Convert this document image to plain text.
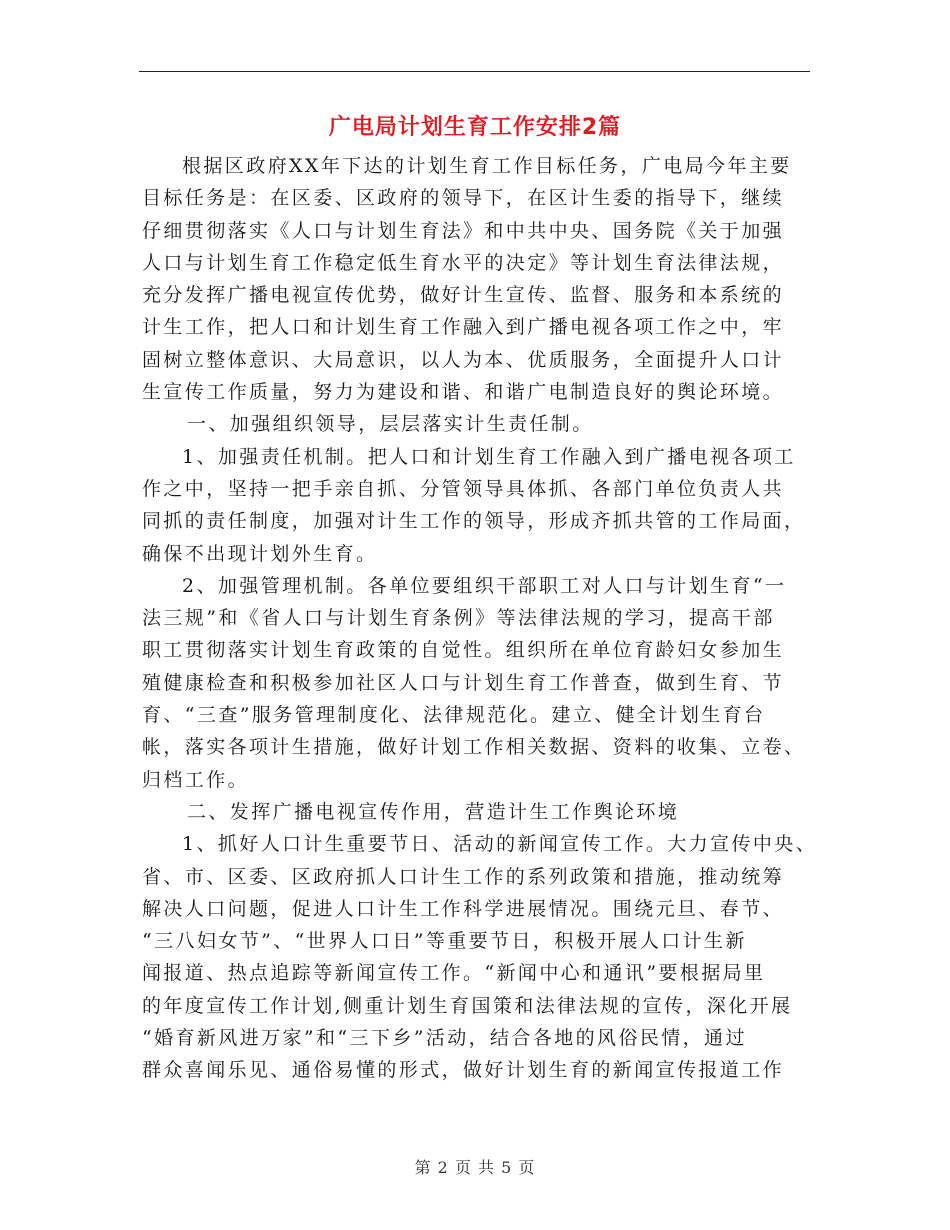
广电局计划生育工作安排2篇
根据区政府XX年下达的计划生育工作目标任务，广电局今年主要
目标任务是：在区委、区政府的领导下，在区计生委的指导下，继续
仔细贯彻落实《人口与计划生育法》和中共中央、国务院《关于加强
人口与计划生育工作稳定低生育水平的决定》等计划生育法律法规，
充分发挥广播电视宣传优势，做好计生宣传、监督、服务和本系统的
计生工作，把人口和计划生育工作融入到广播电视各项工作之中，牢
固树立整体意识、大局意识，以人为本、优质服务，全面提升人口计
生宣传工作质量，努力为建设和谐、和谐广电制造良好的舆论环境。
一、加强组织领导，层层落实计生责任制。
1、加强责任机制。把人口和计划生育工作融入到广播电视各项工
作之中，坚持一把手亲自抓、分管领导具体抓、各部门单位负责人共
同抓的责任制度，加强对计生工作的领导，形成齐抓共管的工作局面，
确保不出现计划外生育。
2、加强管理机制。各单位要组织干部职工对人口与计划生育“一
法三规”和《省人口与计划生育条例》等法律法规的学习，提高干部
职工贯彻落实计划生育政策的自觉性。组织所在单位育龄妇女参加生
殖健康检查和积极参加社区人口与计划生育工作普查，做到生育、节
育、“三查”服务管理制度化、法律规范化。建立、健全计划生育台
帐，落实各项计生措施，做好计划工作相关数据、资料的收集、立卷、
归档工作。
二、发挥广播电视宣传作用，营造计生工作舆论环境
1、抓好人口计生重要节日、活动的新闻宣传工作。大力宣传中央、
省、市、区委、区政府抓人口计生工作的系列政策和措施，推动统筹
解决人口问题，促进人口计生工作科学进展情况。围绕元旦、春节、
“三八妇女节”、“世界人口日”等重要节日，积极开展人口计生新
闻报道、热点追踪等新闻宣传工作。“新闻中心和通讯”要根据局里
的年度宣传工作计划,侧重计划生育国策和法律法规的宣传，深化开展
“婚育新风进万家”和“三下乡”活动，结合各地的风俗民情，通过
群众喜闻乐见、通俗易懂的形式，做好计划生育的新闻宣传报道工作
第 2 页 共 5 页
